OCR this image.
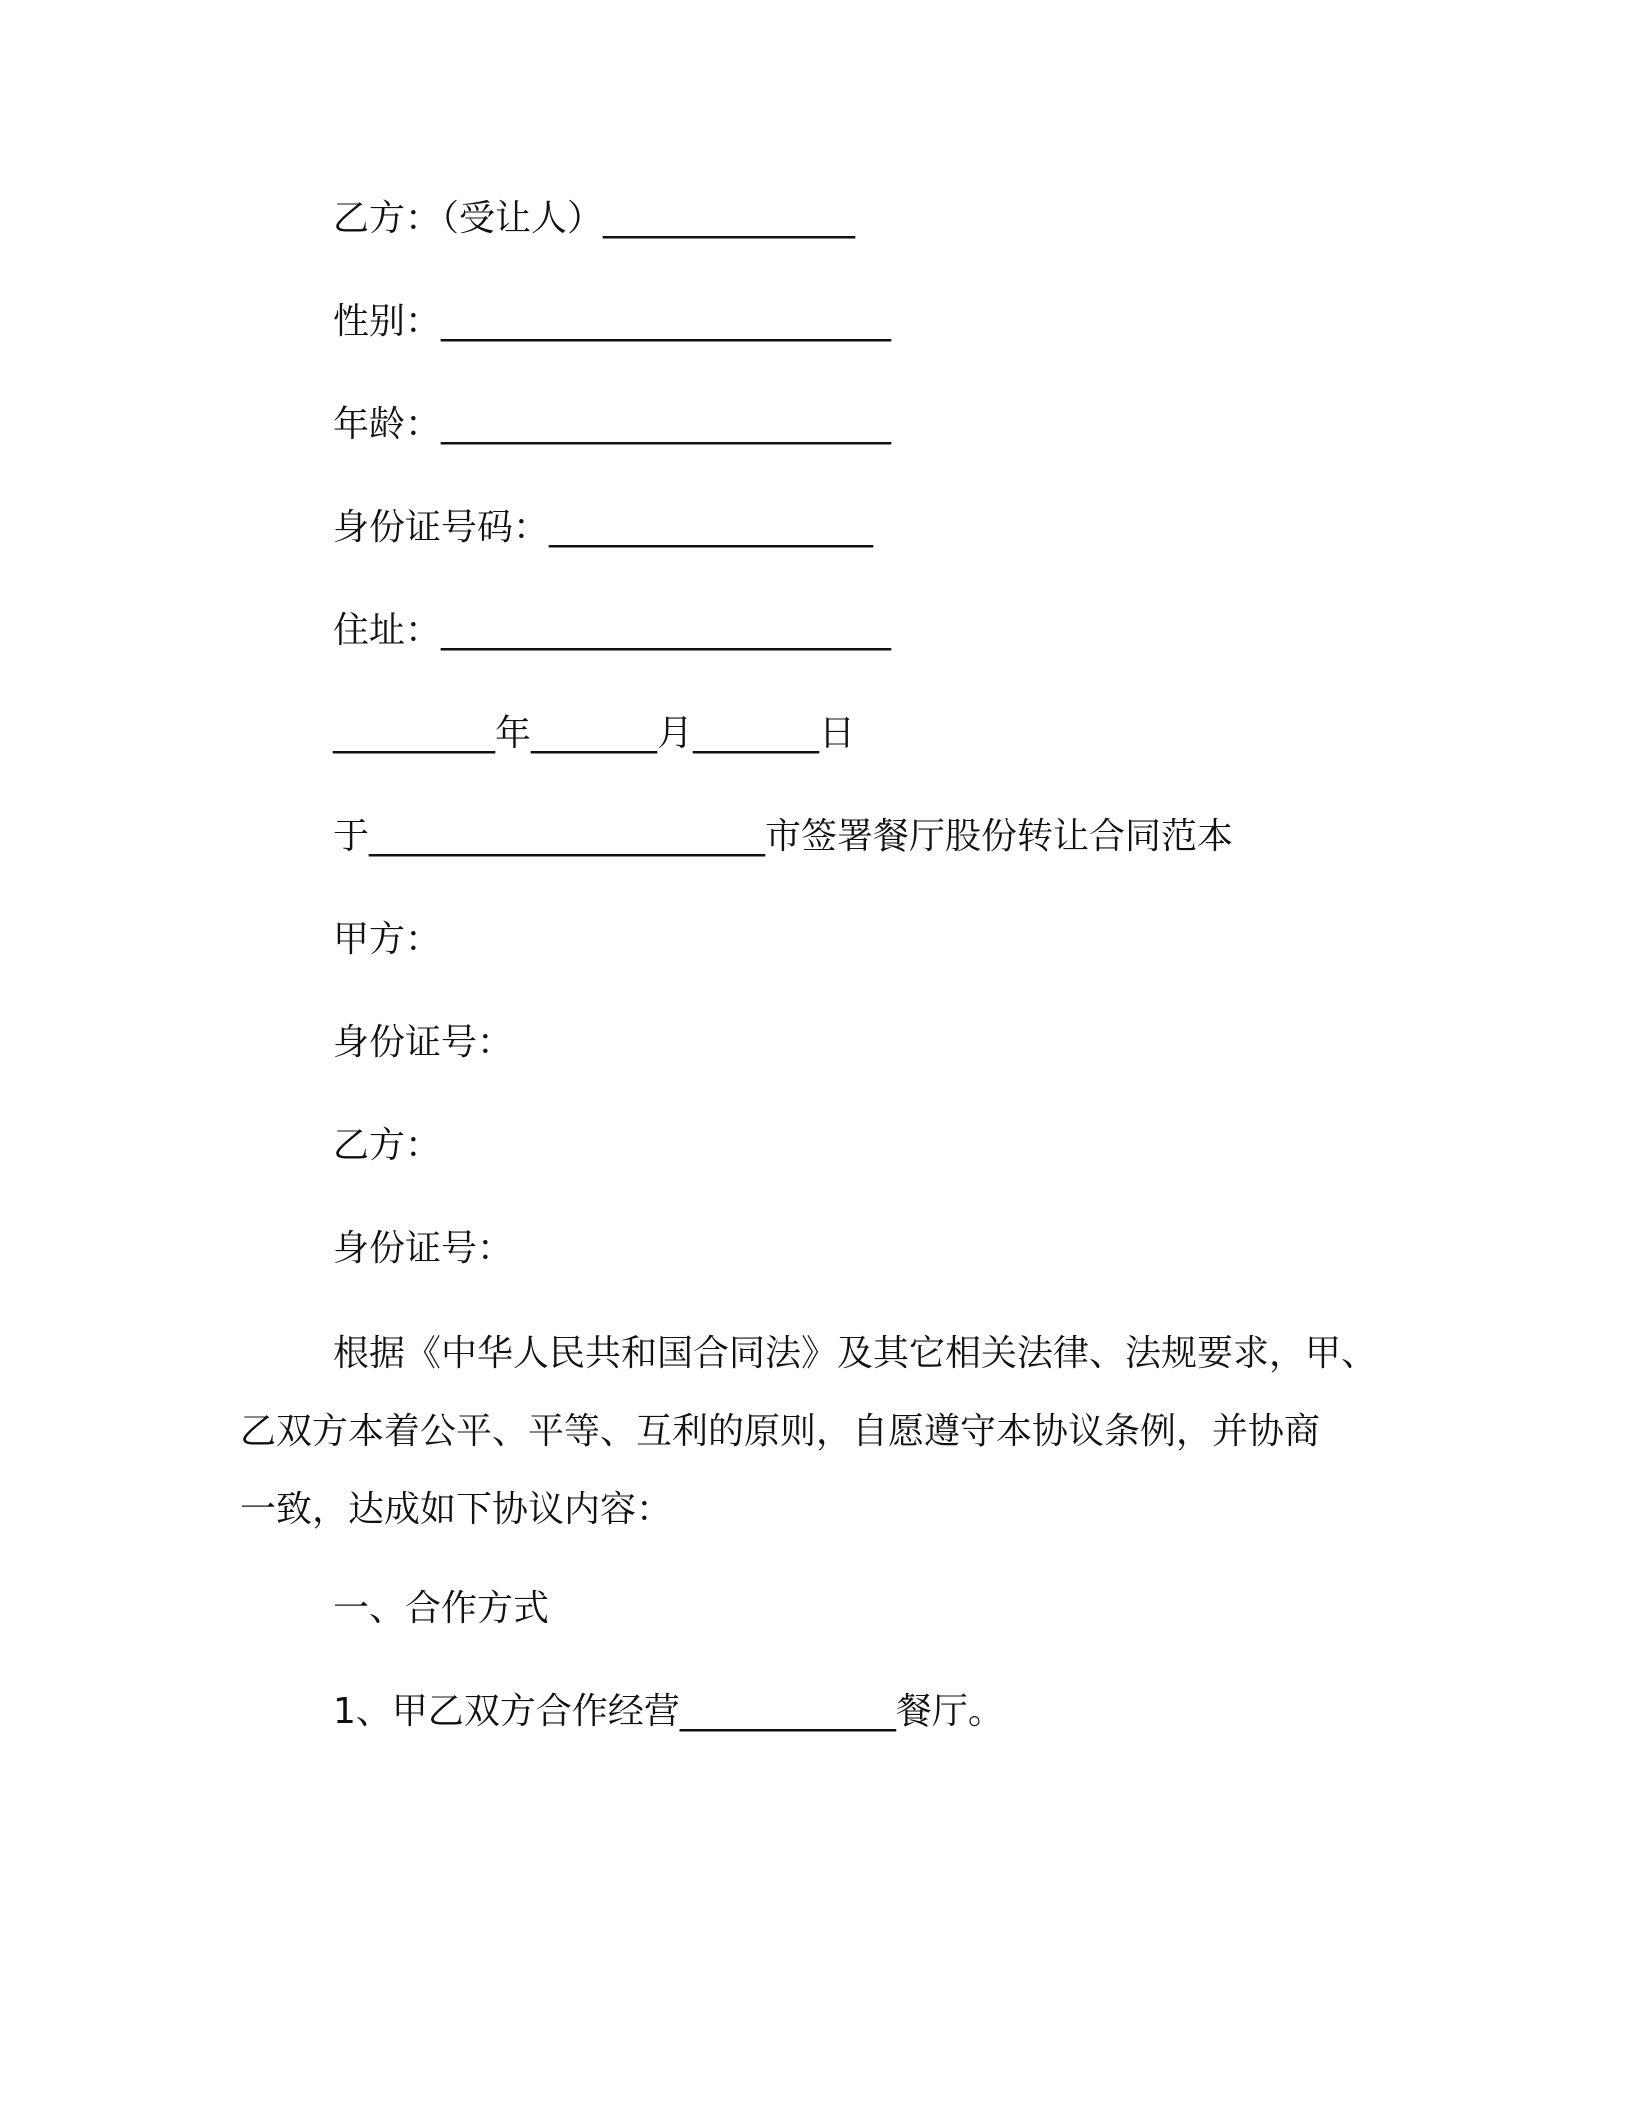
乙方：（受让人）______________
性别：_________________________
年龄：_________________________
身份证号码：__________________
住址：_________________________
_________年_______月_______日
于______________________市签署餐厅股份转让合同范本
甲方：
身份证号：
乙方：
身份证号：
根据《中华人民共和国合同法》及其它相关法律、法规要求，甲、
乙双方本着公平、平等、互利的原则，自愿遵守本协议条例，并协商
一致，达成如下协议内容：
一、合作方式
1、甲乙双方合作经营____________餐厅。
